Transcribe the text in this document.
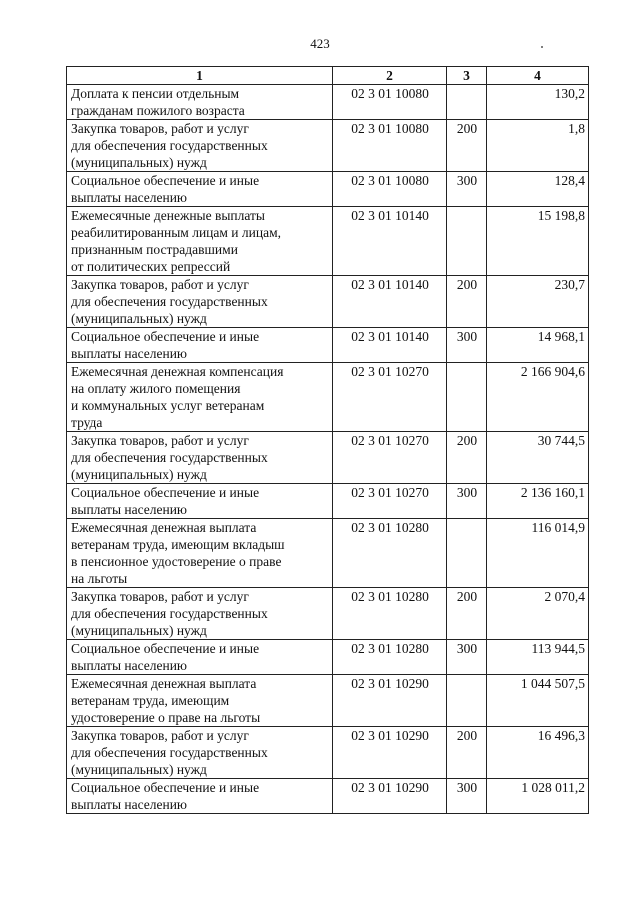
423
1	2	3	4

Доплата к пенсии отдельным
гражданам пожилого возраста	02 3 01 10080		130,2

Закупка товаров, работ и услуг
для обеспечения государственных
(муниципальных) нужд	02 3 01 10080	200	1,8

Социальное обеспечение и иные
выплаты населению	02 3 01 10080	300	128,4

Ежемесячные денежные выплаты
реабилитированным лицам и лицам,
признанным пострадавшими
от политических репрессий	02 3 01 10140		15 198,8

Закупка товаров, работ и услуг
для обеспечения государственных
(муниципальных) нужд	02 3 01 10140	200	230,7

Социальное обеспечение и иные
выплаты населению	02 3 01 10140	300	14 968,1

Ежемесячная денежная компенсация
на оплату жилого помещения
и коммунальных услуг ветеранам
труда	02 3 01 10270		2 166 904,6

Закупка товаров, работ и услуг
для обеспечения государственных
(муниципальных) нужд	02 3 01 10270	200	30 744,5

Социальное обеспечение и иные
выплаты населению	02 3 01 10270	300	2 136 160,1

Ежемесячная денежная выплата
ветеранам труда, имеющим вкладыш
в пенсионное удостоверение о праве
на льготы	02 3 01 10280		116 014,9

Закупка товаров, работ и услуг
для обеспечения государственных
(муниципальных) нужд	02 3 01 10280	200	2 070,4

Социальное обеспечение и иные
выплаты населению	02 3 01 10280	300	113 944,5

Ежемесячная денежная выплата
ветеранам труда, имеющим
удостоверение о праве на льготы	02 3 01 10290		1 044 507,5

Закупка товаров, работ и услуг
для обеспечения государственных
(муниципальных) нужд	02 3 01 10290	200	16 496,3

Социальное обеспечение и иные
выплаты населению	02 3 01 10290	300	1 028 011,2
